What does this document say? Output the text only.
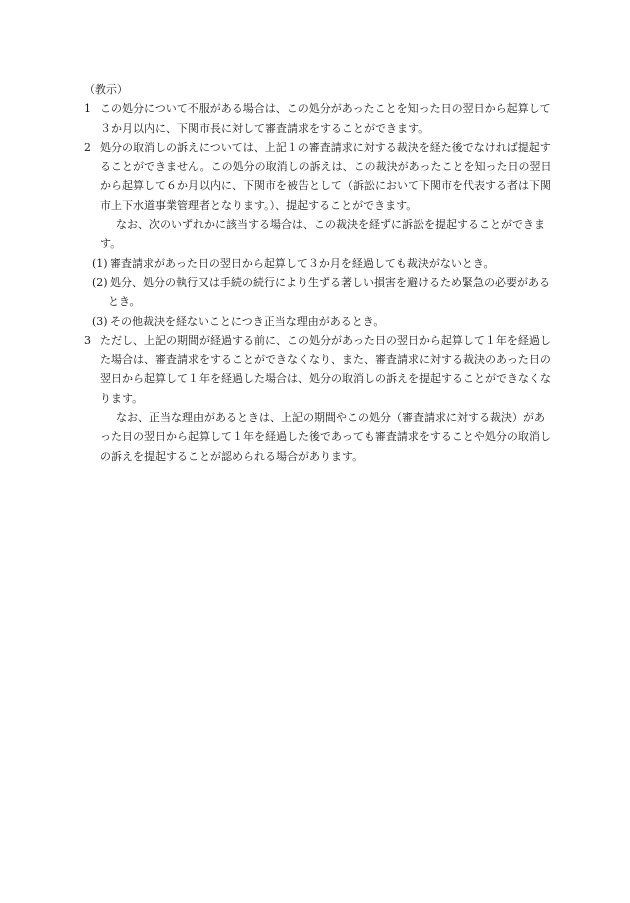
（教示）

1 この処分について不服がある場合は、この処分があったことを知った日の翌日から起算して３か月以内に、下関市長に対して審査請求をすることができます。

2 処分の取消しの訴えについては、上記１の審査請求に対する裁決を経た後でなければ提起することができません。この処分の取消しの訴えは、この裁決があったことを知った日の翌日から起算して６か月以内に、下関市を被告として（訴訟において下関市を代表する者は下関市上下水道事業管理者となります。）、提起することができます。

なお、次のいずれかに該当する場合は、この裁決を経ずに訴訟を提起することができます。

(1) 審査請求があった日の翌日から起算して３か月を経過しても裁決がないとき。

(2) 処分、処分の執行又は手続の続行により生ずる著しい損害を避けるため緊急の必要があるとき。

(3) その他裁決を経ないことにつき正当な理由があるとき。

3 ただし、上記の期間が経過する前に、この処分があった日の翌日から起算して１年を経過した場合は、審査請求をすることができなくなり、また、審査請求に対する裁決のあった日の翌日から起算して１年を経過した場合は、処分の取消しの訴えを提起することができなくなります。

なお、正当な理由があるときは、上記の期間やこの処分（審査請求に対する裁決）があった日の翌日から起算して１年を経過した後であっても審査請求をすることや処分の取消しの訴えを提起することが認められる場合があります。
